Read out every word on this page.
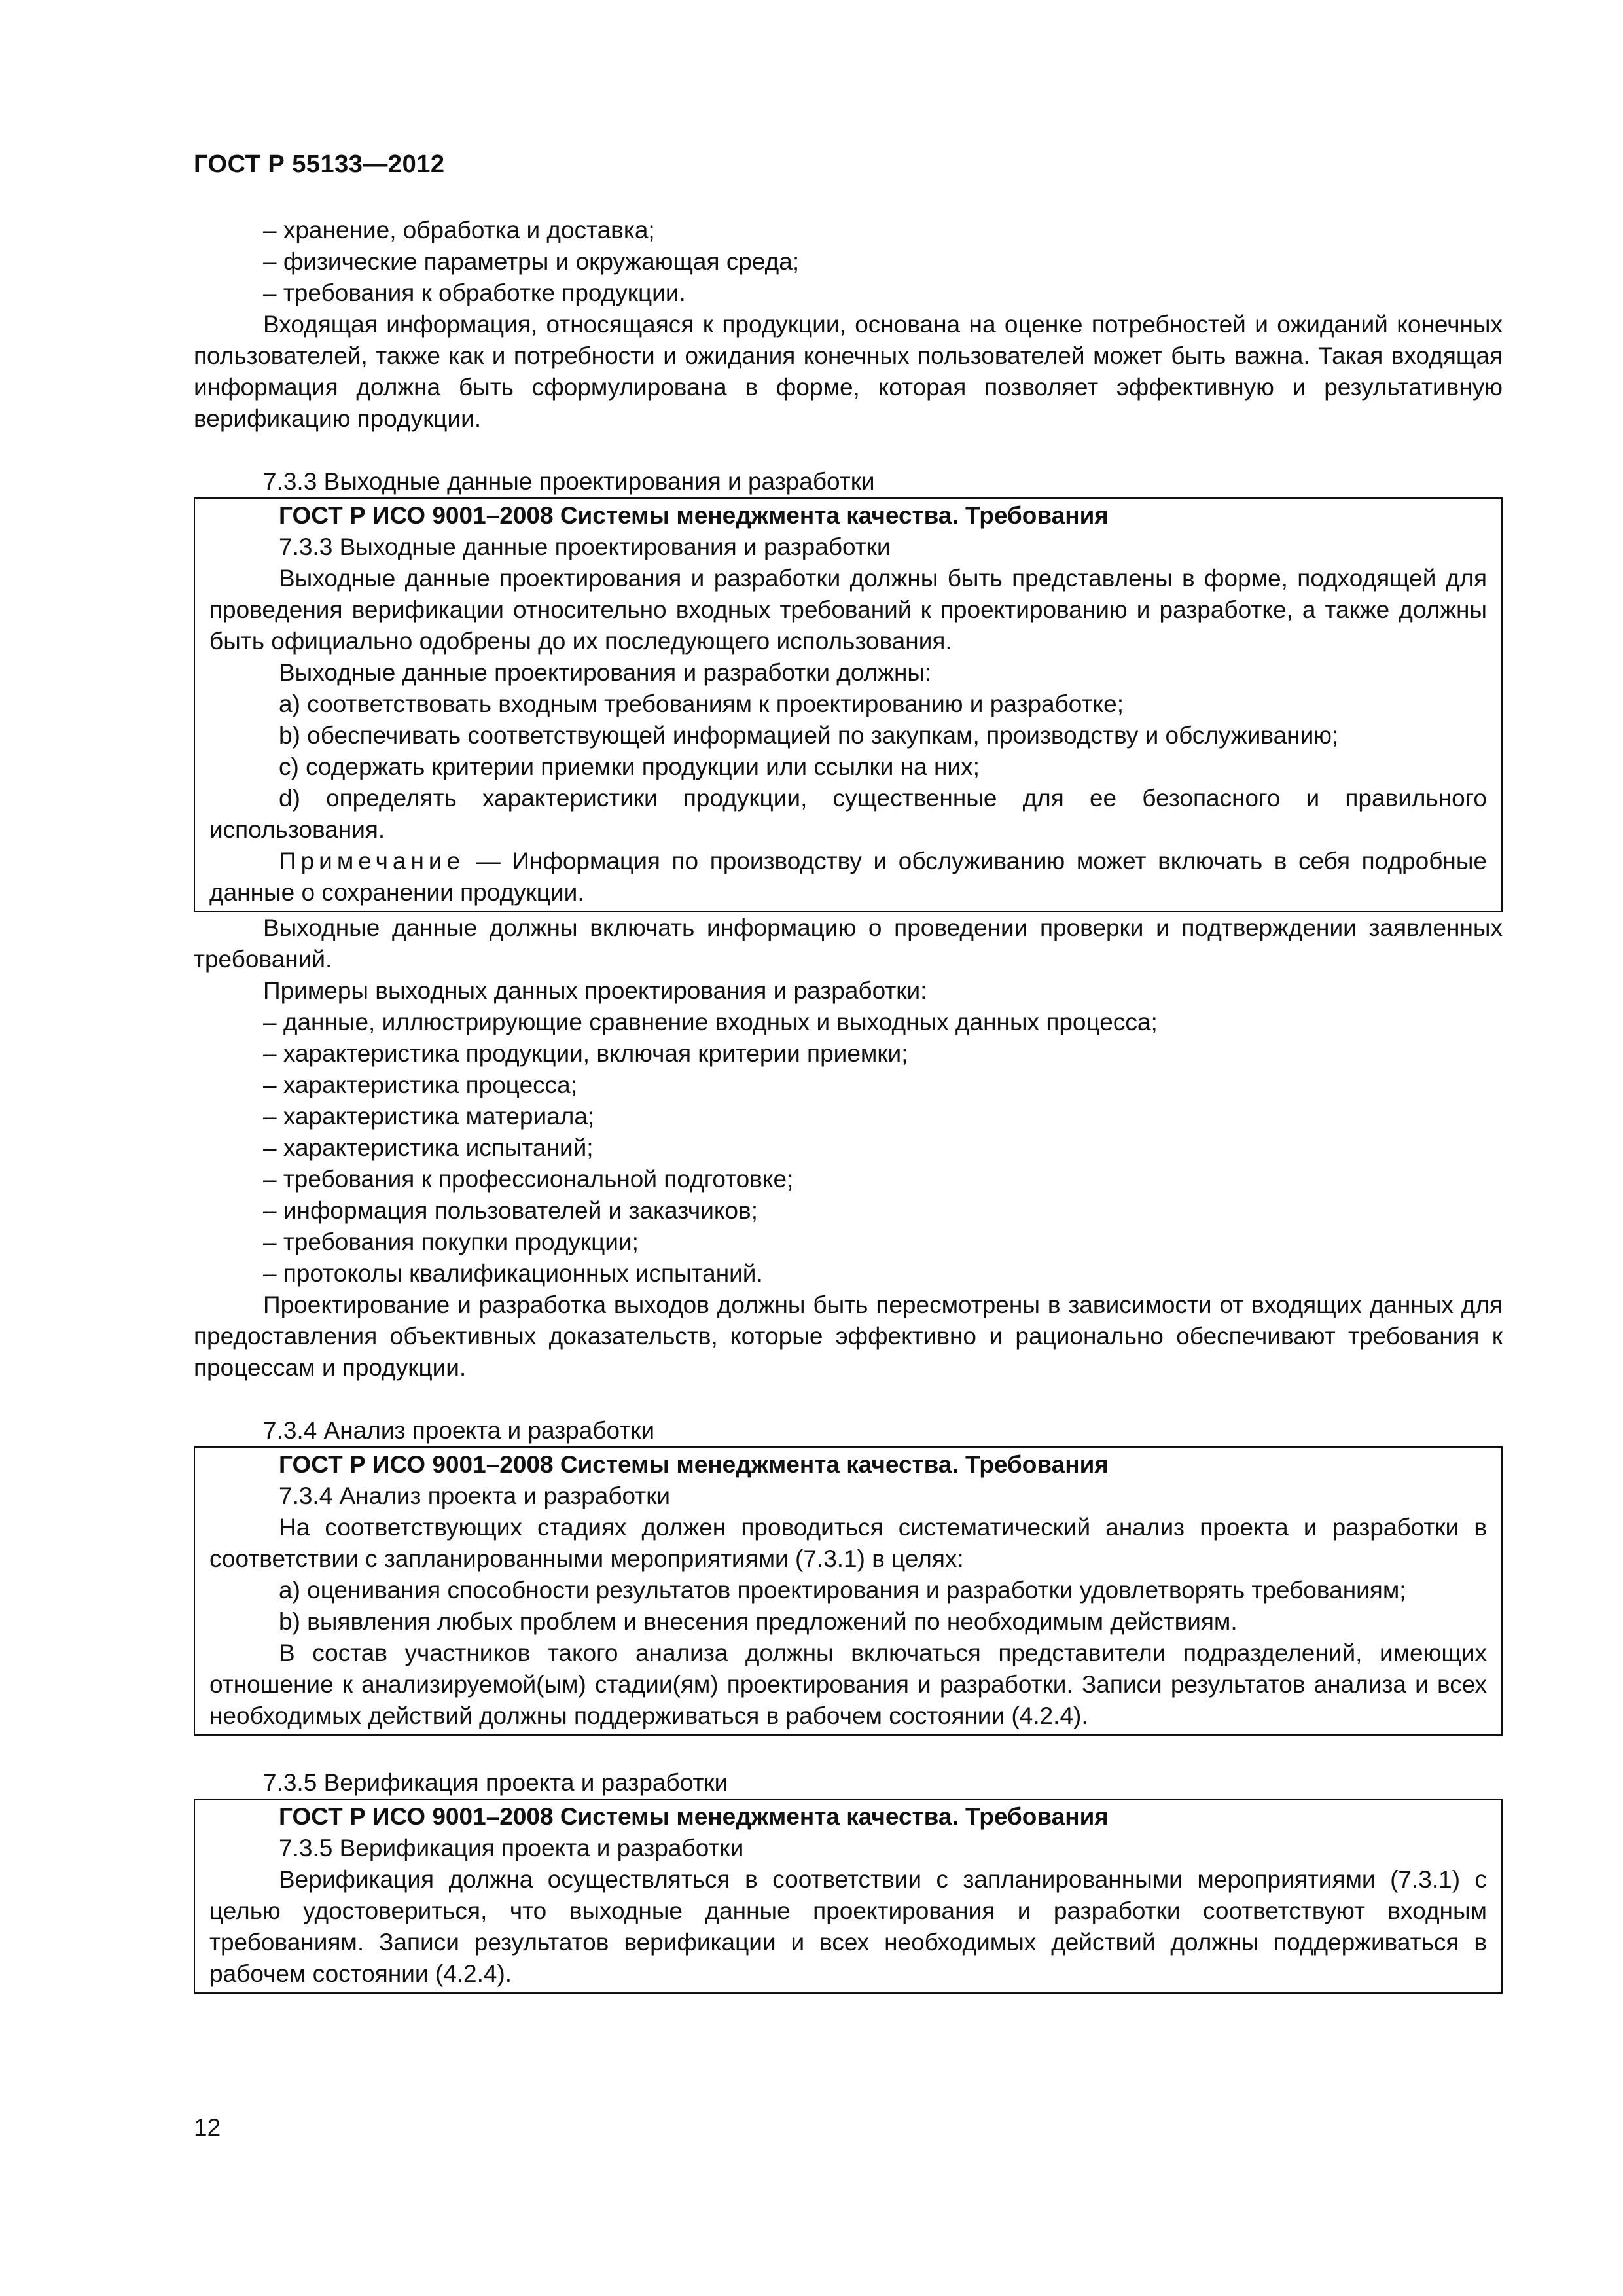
ГОСТ Р 55133—2012

– хранение, обработка и доставка;

– физические параметры и окружающая среда;

– требования к обработке продукции.

Входящая информация, относящаяся к продукции, основана на оценке потребностей и ожиданий конечных пользователей, также как и потребности и ожидания конечных пользователей может быть важна. Такая входящая информация должна быть сформулирована в форме, которая позволяет эффективную и результативную верификацию продукции.

7.3.3 Выходные данные проектирования и разработки

ГОСТ Р ИСО 9001–2008 Системы менеджмента качества. Требования

7.3.3 Выходные данные проектирования и разработки

Выходные данные проектирования и разработки должны быть представлены в форме, подходящей для проведения верификации относительно входных требований к проектированию и разработке, а также должны быть официально одобрены до их последующего использования.

Выходные данные проектирования и разработки должны:

a) соответствовать входным требованиям к проектированию и разработке;

b) обеспечивать соответствующей информацией по закупкам, производству и обслуживанию;

c) содержать критерии приемки продукции или ссылки на них;

d) определять характеристики продукции, существенные для ее безопасного и правильного использования.

Примечание — Информация по производству и обслуживанию может включать в себя подробные данные о сохранении продукции.

Выходные данные должны включать информацию о проведении проверки и подтверждении заявленных требований.

Примеры выходных данных проектирования и разработки:

– данные, иллюстрирующие сравнение входных и выходных данных процесса;

– характеристика продукции, включая критерии приемки;

– характеристика процесса;

– характеристика материала;

– характеристика испытаний;

– требования к профессиональной подготовке;

– информация пользователей и заказчиков;

– требования покупки продукции;

– протоколы квалификационных испытаний.

Проектирование и разработка выходов должны быть пересмотрены в зависимости от входящих данных для предоставления объективных доказательств, которые эффективно и рационально обеспечивают требования к процессам и продукции.

7.3.4 Анализ проекта и разработки

ГОСТ Р ИСО 9001–2008 Системы менеджмента качества. Требования

7.3.4 Анализ проекта и разработки

На соответствующих стадиях должен проводиться систематический анализ проекта и разработки в соответствии с запланированными мероприятиями (7.3.1) в целях:

a) оценивания способности результатов проектирования и разработки удовлетворять требованиям;

b) выявления любых проблем и внесения предложений по необходимым действиям.

В состав участников такого анализа должны включаться представители подразделений, имеющих отношение к анализируемой(ым) стадии(ям) проектирования и разработки. Записи результатов анализа и всех необходимых действий должны поддерживаться в рабочем состоянии (4.2.4).

7.3.5 Верификация проекта и разработки

ГОСТ Р ИСО 9001–2008 Системы менеджмента качества. Требования

7.3.5 Верификация проекта и разработки

Верификация должна осуществляться в соответствии с запланированными мероприятиями (7.3.1) с целью удостовериться, что выходные данные проектирования и разработки соответствуют входным требованиям. Записи результатов верификации и всех необходимых действий должны поддерживаться в рабочем состоянии (4.2.4).

12
